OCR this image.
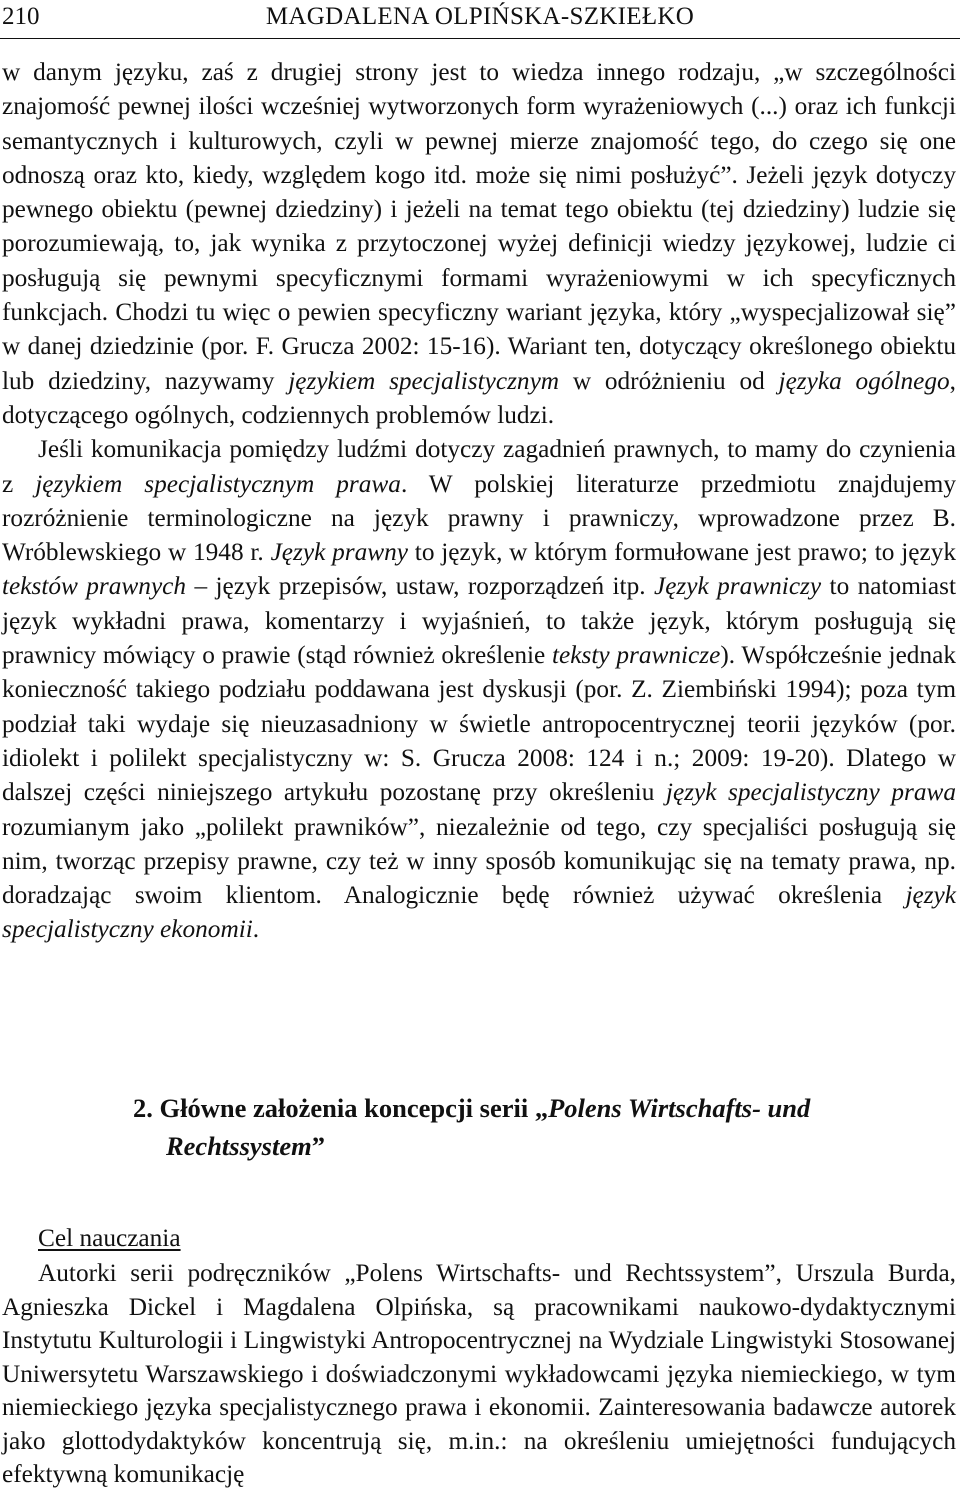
210	MAGDALENA OLPIŃSKA-SZKIEŁKO

w danym języku, zaś z drugiej strony jest to wiedza innego rodzaju, „w szczególności znajomość pewnej ilości wcześniej wytworzonych form wyrażeniowych (...) oraz ich funkcji semantycznych i kulturowych, czyli w pewnej mierze znajomość tego, do czego się one odnoszą oraz kto, kiedy, względem kogo itd. może się nimi posłużyć”. Jeżeli język dotyczy pewnego obiektu (pewnej dziedziny) i jeżeli na temat tego obiektu (tej dziedziny) ludzie się porozumiewają, to, jak wynika z przytoczonej wyżej definicji wiedzy językowej, ludzie ci posługują się pewnymi specyficznymi formami wyrażeniowymi w ich specyficznych funkcjach. Chodzi tu więc o pewien specyficzny wariant języka, który „wyspecjalizował się” w danej dziedzinie (por. F. Grucza 2002: 15-16). Wariant ten, dotyczący określonego obiektu lub dziedziny, nazywamy językiem specjalistycznym w odróżnieniu od języka ogólnego, dotyczącego ogólnych, codziennych problemów ludzi.

Jeśli komunikacja pomiędzy ludźmi dotyczy zagadnień prawnych, to mamy do czynienia z językiem specjalistycznym prawa. W polskiej literaturze przedmiotu znajdujemy rozróżnienie terminologiczne na język prawny i prawniczy, wprowadzone przez B. Wróblewskiego w 1948 r. Język prawny to język, w którym formułowane jest prawo; to język tekstów prawnych – język przepisów, ustaw, rozporządzeń itp. Język prawniczy to natomiast język wykładni prawa, komentarzy i wyjaśnień, to także język, którym posługują się prawnicy mówiący o prawie (stąd również określenie teksty prawnicze). Współcześnie jednak konieczność takiego podziału poddawana jest dyskusji (por. Z. Ziembiński 1994); poza tym podział taki wydaje się nieuzasadniony w świetle antropocentrycznej teorii języków (por. idiolekt i polilekt specjalistyczny w: S. Grucza 2008: 124 i n.; 2009: 19-20). Dlatego w dalszej części niniejszego artykułu pozostanę przy określeniu język specjalistyczny prawa rozumianym jako „polilekt prawników”, niezależnie od tego, czy specjaliści posługują się nim, tworząc przepisy prawne, czy też w inny sposób komunikując się na tematy prawa, np. doradzając swoim klientom. Analogicznie będę również używać określenia język specjalistyczny ekonomii.

2. Główne założenia koncepcji serii „Polens Wirtschafts- und
Rechtssystem”
Cel nauczania

Autorki serii podręczników „Polens Wirtschafts- und Rechtssystem”, Urszula Burda, Agnieszka Dickel i Magdalena Olpińska, są pracownikami naukowo-dydaktycznymi Instytutu Kulturologii i Lingwistyki Antropocentrycznej na Wydziale Lingwistyki Stosowanej Uniwersytetu Warszawskiego i doświadczonymi wykładowcami języka niemieckiego, w tym niemieckiego języka specjalistycznego prawa i ekonomii. Zainteresowania badawcze autorek jako glottodydaktyków koncentrują się, m.in.: na określeniu umiejętności fundujących efektywną komunikację
